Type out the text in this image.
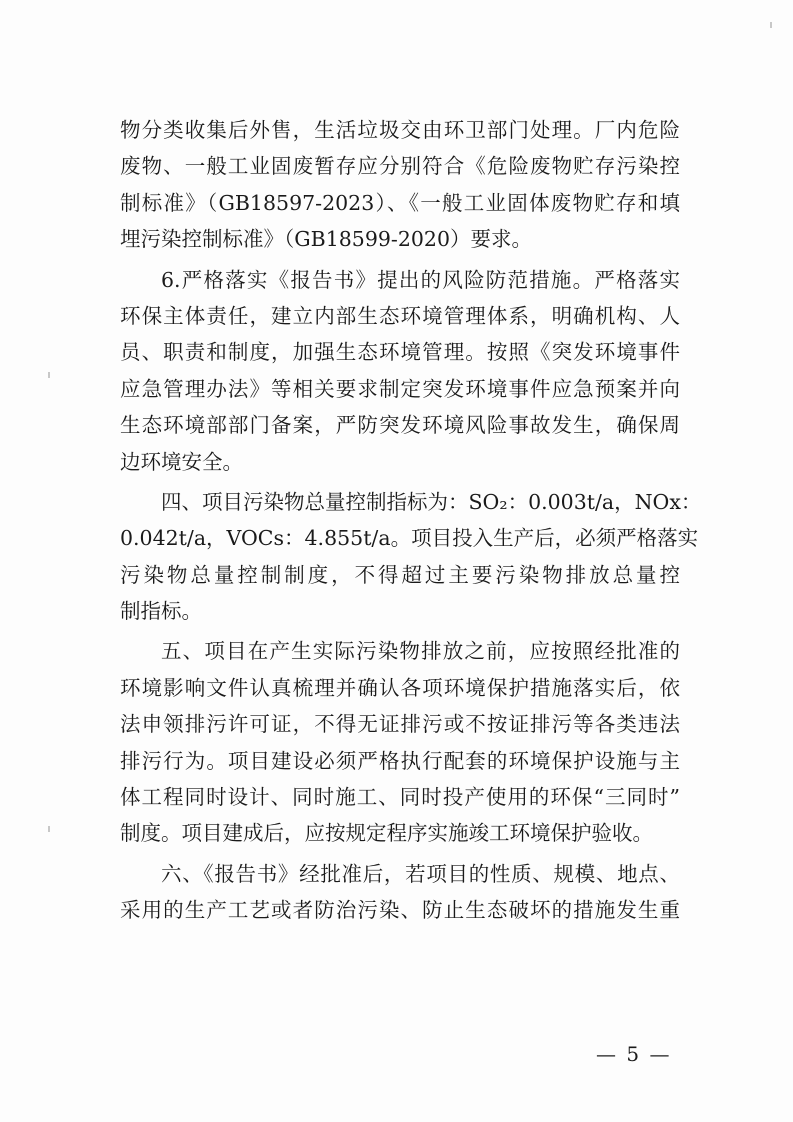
物分类收集后外售，生活垃圾交由环卫部门处理。厂内危险
废物、一般工业固废暂存应分别符合《危险废物贮存污染控
制标准》（GB18597-2023）、《一般工业固体废物贮存和填
埋污染控制标准》（GB18599-2020）要求。
6.严格落实《报告书》提出的风险防范措施。严格落实
环保主体责任，建立内部生态环境管理体系，明确机构、人
员、职责和制度，加强生态环境管理。按照《突发环境事件
应急管理办法》等相关要求制定突发环境事件应急预案并向
生态环境部部门备案，严防突发环境风险事故发生，确保周
边环境安全。
四、项目污染物总量控制指标为：SO₂：0.003t/a，NOx：
0.042t/a，VOCs：4.855t/a。项目投入生产后，必须严格落实
污染物总量控制制度，不得超过主要污染物排放总量控
制指标。
五、项目在产生实际污染物排放之前，应按照经批准的
环境影响文件认真梳理并确认各项环境保护措施落实后，依
法申领排污许可证，不得无证排污或不按证排污等各类违法
排污行为。项目建设必须严格执行配套的环境保护设施与主
体工程同时设计、同时施工、同时投产使用的环保“三同时”
制度。项目建成后，应按规定程序实施竣工环境保护验收。
六、《报告书》经批准后，若项目的性质、规模、地点、
采用的生产工艺或者防治污染、防止生态破坏的措施发生重
— 5 —
